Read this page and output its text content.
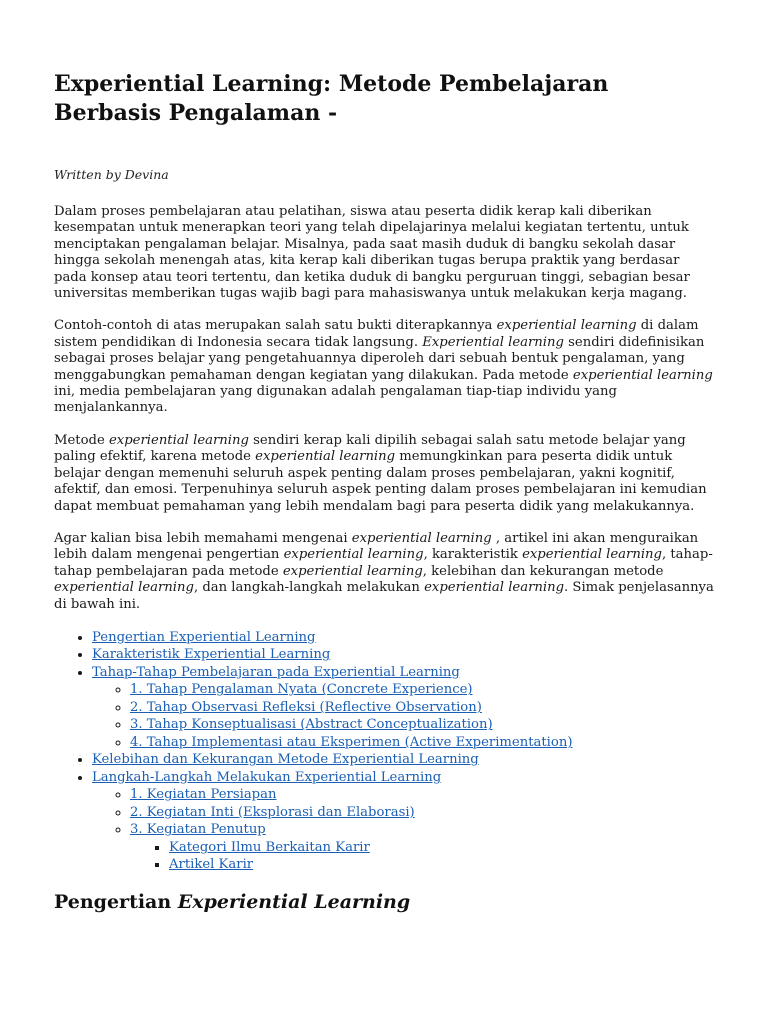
Experiential Learning: Metode Pembelajaran Berbasis Pengalaman -
Written by Devina

Dalam proses pembelajaran atau pelatihan, siswa atau peserta didik kerap kali diberikan kesempatan untuk menerapkan teori yang telah dipelajarinya melalui kegiatan tertentu, untuk menciptakan pengalaman belajar. Misalnya, pada saat masih duduk di bangku sekolah dasar hingga sekolah menengah atas, kita kerap kali diberikan tugas berupa praktik yang berdasar pada konsep atau teori tertentu, dan ketika duduk di bangku perguruan tinggi, sebagian besar universitas memberikan tugas wajib bagi para mahasiswanya untuk melakukan kerja magang.

Contoh-contoh di atas merupakan salah satu bukti diterapkannya experiential learning di dalam sistem pendidikan di Indonesia secara tidak langsung. Experiential learning sendiri didefinisikan sebagai proses belajar yang pengetahuannya diperoleh dari sebuah bentuk pengalaman, yang menggabungkan pemahaman dengan kegiatan yang dilakukan. Pada metode experiential learning ini, media pembelajaran yang digunakan adalah pengalaman tiap-tiap individu yang menjalankannya.

Metode experiential learning sendiri kerap kali dipilih sebagai salah satu metode belajar yang paling efektif, karena metode experiential learning memungkinkan para peserta didik untuk belajar dengan memenuhi seluruh aspek penting dalam proses pembelajaran, yakni kognitif, afektif, dan emosi. Terpenuhinya seluruh aspek penting dalam proses pembelajaran ini kemudian dapat membuat pemahaman yang lebih mendalam bagi para peserta didik yang melakukannya.

Agar kalian bisa lebih memahami mengenai experiential learning , artikel ini akan menguraikan lebih dalam mengenai pengertian experiential learning, karakteristik experiential learning, tahap-tahap pembelajaran pada metode experiential learning, kelebihan dan kekurangan metode experiential learning, dan langkah-langkah melakukan experiential learning. Simak penjelasannya di bawah ini.

• Pengertian Experiential Learning
• Karakteristik Experiential Learning
• Tahap-Tahap Pembelajaran pada Experiential Learning
◦ 1. Tahap Pengalaman Nyata (Concrete Experience)
◦ 2. Tahap Observasi Refleksi (Reflective Observation)
◦ 3. Tahap Konseptualisasi (Abstract Conceptualization)
◦ 4. Tahap Implementasi atau Eksperimen (Active Experimentation)
• Kelebihan dan Kekurangan Metode Experiential Learning
• Langkah-Langkah Melakukan Experiential Learning
◦ 1. Kegiatan Persiapan
◦ 2. Kegiatan Inti (Eksplorasi dan Elaborasi)
◦ 3. Kegiatan Penutup
▪ Kategori Ilmu Berkaitan Karir
▪ Artikel Karir
Pengertian Experiential Learning
